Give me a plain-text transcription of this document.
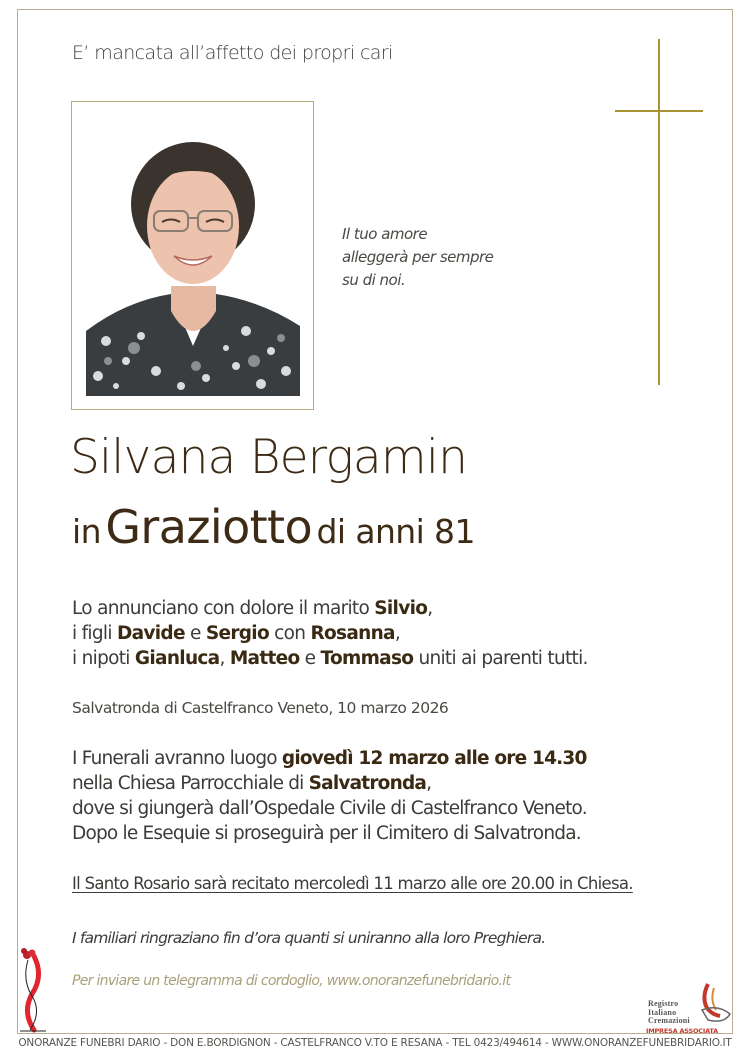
E’ mancata all’affetto dei propri cari
Il tuo amore
alleggerà per sempre
su di noi.
Silvana Bergamin
in Graziotto di anni 81
Lo annunciano con dolore il marito Silvio,
i figli Davide e Sergio con Rosanna,
i nipoti Gianluca, Matteo e Tommaso uniti ai parenti tutti.
Salvatronda di Castelfranco Veneto, 10 marzo 2026
I Funerali avranno luogo giovedì 12 marzo alle ore 14.30
nella Chiesa Parrocchiale di Salvatronda,
dove si giungerà dall’Ospedale Civile di Castelfranco Veneto.
Dopo le Esequie si proseguirà per il Cimitero di Salvatronda.
Il Santo Rosario sarà recitato mercoledì 11 marzo alle ore 20.00 in Chiesa.
I familiari ringraziano fin d’ora quanti si uniranno alla loro Preghiera.
Per inviare un telegramma di cordoglio, www.onoranzefunebridario.it
Registro
Italiano
Cremazioni
IMPRESA ASSOCIATA
ONORANZE FUNEBRI DARIO - DON E.BORDIGNON - CASTELFRANCO V.TO E RESANA - TEL 0423/494614 - WWW.ONORANZEFUNEBRIDARIO.IT
